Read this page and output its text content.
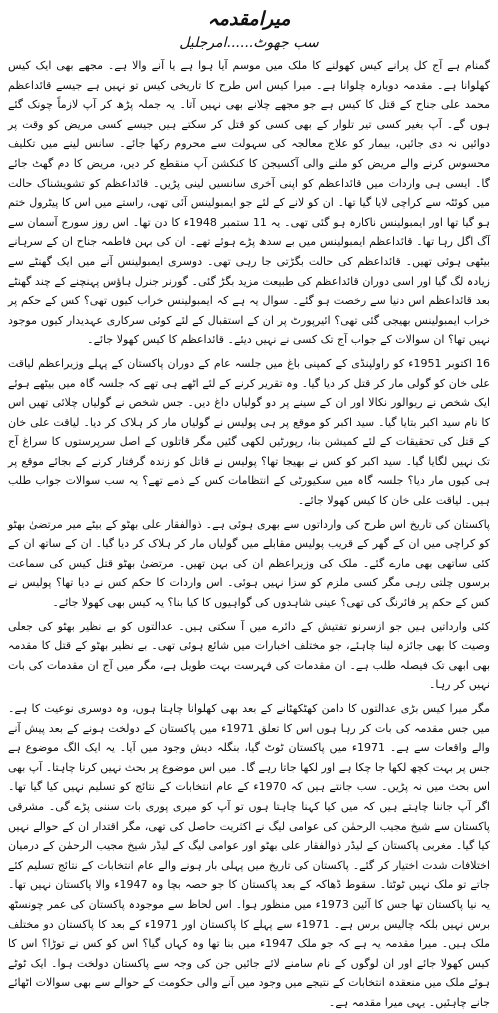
میرامقدمہ
سب جھوٹ......امرجلیل

گمنام ہے آج کل پرانے کیس کھولنے کا ملک میں موسم آیا ہوا ہے یا آنے والا ہے۔ مجھے بھی ایک کیس کھلوانا ہے۔ مقدمہ دوبارہ چلوانا ہے۔ میرا کیس اس طرح کا تاریخی کیس تو نہیں ہے جیسے قائداعظم محمد علی جناح کے قتل کا کیس ہے جو مجھے چلانے بھی نہیں آتا۔ یہ جملہ پڑھ کر آپ لازماً چونک گئے ہوں گے۔ آپ بغیر کسی تیر تلوار کے بھی کسی کو قتل کر سکتے ہیں جیسے کسی مریض کو وقت پر دوائیں نہ دی جائیں، بیمار کو علاج معالجہ کی سہولت سے محروم رکھا جائے۔ سانس لینے میں تکلیف محسوس کرنے والے مریض کو ملنے والی آکسیجن کا کنکشن آپ منقطع کر دیں، مریض کا دم گھٹ جائے گا۔ ایسی ہی واردات میں قائداعظم کو اپنی آخری سانسیں لینی پڑیں۔ قائداعظم کو تشویشناک حالت میں کوئٹہ سے کراچی لایا گیا تھا۔ ان کو لانے کے لئے جو ایمبولینس آئی تھی، راستے میں اس کا پیٹرول ختم ہو گیا تھا اور ایمبولینس ناکارہ ہو گئی تھی۔ یہ 11 ستمبر 1948ء کا دن تھا۔ اس روز سورج آسمان سے آگ اگل رہا تھا۔ قائداعظم ایمبولینس میں بے سدھ پڑے ہوئے تھے۔ ان کی بہن فاطمہ جناح ان کے سرہانے بیٹھی ہوئی تھیں۔ قائداعظم کی حالت بگڑتی جا رہی تھی۔ دوسری ایمبولینس آنے میں ایک گھنٹے سے زیادہ لگ گیا اور اسی دوران قائداعظم کی طبیعت مزید بگڑ گئی۔ گورنر جنرل ہاؤس پہنچنے کے چند گھنٹے بعد قائداعظم اس دنیا سے رخصت ہو گئے۔ سوال یہ ہے کہ ایمبولینس خراب کیوں تھی؟ کس کے حکم پر خراب ایمبولینس بھیجی گئی تھی؟ ائیرپورٹ پر ان کے استقبال کے لئے کوئی سرکاری عہدیدار کیوں موجود نہیں تھا؟ ان سوالات کے جواب آج تک کسی نے نہیں دیئے۔ قائداعظم کا کیس کھولا جائے۔

16 اکتوبر 1951ء کو راولپنڈی کے کمپنی باغ میں جلسہ عام کے دوران پاکستان کے پہلے وزیراعظم لیاقت علی خان کو گولی مار کر قتل کر دیا گیا۔ وہ تقریر کرنے کے لئے اٹھے ہی تھے کہ جلسہ گاہ میں بیٹھے ہوئے ایک شخص نے ریوالور نکالا اور ان کے سینے پر دو گولیاں داغ دیں۔ جس شخص نے گولیاں چلائی تھیں اس کا نام سید اکبر بتایا گیا۔ سید اکبر کو موقع پر ہی پولیس نے گولیاں مار کر ہلاک کر دیا۔ لیاقت علی خان کے قتل کی تحقیقات کے لئے کمیشن بنا، رپورٹیں لکھی گئیں مگر قاتلوں کے اصل سرپرستوں کا سراغ آج تک نہیں لگایا گیا۔ سید اکبر کو کس نے بھیجا تھا؟ پولیس نے قاتل کو زندہ گرفتار کرنے کے بجائے موقع پر ہی کیوں مار دیا؟ جلسہ گاہ میں سکیورٹی کے انتظامات کس کے ذمے تھے؟ یہ سب سوالات جواب طلب ہیں۔ لیاقت علی خان کا کیس کھولا جائے۔

پاکستان کی تاریخ اس طرح کی وارداتوں سے بھری ہوئی ہے۔ ذوالفقار علی بھٹو کے بیٹے میر مرتضیٰ بھٹو کو کراچی میں ان کے گھر کے قریب پولیس مقابلے میں گولیاں مار کر ہلاک کر دیا گیا۔ ان کے ساتھ ان کے کئی ساتھی بھی مارے گئے۔ ملک کی وزیراعظم ان کی بہن تھیں۔ مرتضیٰ بھٹو قتل کیس کی سماعت برسوں چلتی رہی مگر کسی ملزم کو سزا نہیں ہوئی۔ اس واردات کا حکم کس نے دیا تھا؟ پولیس نے کس کے حکم پر فائرنگ کی تھی؟ عینی شاہدوں کی گواہیوں کا کیا بنا؟ یہ کیس بھی کھولا جائے۔

کئی وارداتیں ہیں جو ازسرنو تفتیش کے دائرے میں آ سکتی ہیں۔ عدالتوں کو بے نظیر بھٹو کی جعلی وصیت کا بھی جائزہ لینا چاہئے، جو مختلف اخبارات میں شائع ہوئی تھی۔ بے نظیر بھٹو کے قتل کا مقدمہ بھی ابھی تک فیصلہ طلب ہے۔ ان مقدمات کی فہرست بہت طویل ہے، مگر میں آج ان مقدمات کی بات نہیں کر رہا۔

مگر میرا کیس بڑی عدالتوں کا دامن کھٹکھٹانے کے بعد بھی کھلوانا چاہتا ہوں، وہ دوسری نوعیت کا ہے۔ میں جس مقدمہ کی بات کر رہا ہوں اس کا تعلق 1971ء میں پاکستان کے دولخت ہونے کے بعد پیش آنے والے واقعات سے ہے۔ 1971ء میں پاکستان ٹوٹ گیا، بنگلہ دیش وجود میں آیا۔ یہ ایک الگ موضوع ہے جس پر بہت کچھ لکھا جا چکا ہے اور لکھا جاتا رہے گا۔ میں اس موضوع پر بحث نہیں کرنا چاہتا۔ آپ بھی اس بحث میں نہ پڑیں۔ سب جانتے ہیں کہ 1970ء کے عام انتخابات کے نتائج کو تسلیم نہیں کیا گیا تھا۔ اگر آپ جاننا چاہتے ہیں کہ میں کیا کہنا چاہتا ہوں تو آپ کو میری پوری بات سننی پڑے گی۔ مشرقی پاکستان سے شیخ مجیب الرحمٰن کی عوامی لیگ نے اکثریت حاصل کی تھی، مگر اقتدار ان کے حوالے نہیں کیا گیا۔ مغربی پاکستان کے لیڈر ذوالفقار علی بھٹو اور عوامی لیگ کے لیڈر شیخ مجیب الرحمٰن کے درمیان اختلافات شدت اختیار کر گئے۔ پاکستان کی تاریخ میں پہلی بار ہونے والے عام انتخابات کے نتائج تسلیم کئے جاتے تو ملک نہیں ٹوٹتا۔ سقوط ڈھاکہ کے بعد پاکستان کا جو حصہ بچا وہ 1947ء والا پاکستان نہیں تھا۔ یہ نیا پاکستان تھا جس کا آئین 1973ء میں منظور ہوا۔ اس لحاظ سے موجودہ پاکستان کی عمر چونسٹھ برس نہیں بلکہ چالیس برس ہے۔ 1971ء سے پہلے کا پاکستان اور 1971ء کے بعد کا پاکستان دو مختلف ملک ہیں۔ میرا مقدمہ یہ ہے کہ جو ملک 1947ء میں بنا تھا وہ کہاں گیا؟ اس کو کس نے توڑا؟ اس کا کیس کھولا جائے اور ان لوگوں کے نام سامنے لائے جائیں جن کی وجہ سے پاکستان دولخت ہوا۔ ایک ٹوٹے ہوئے ملک میں منعقدہ انتخابات کے نتیجے میں وجود میں آنے والی حکومت کے حوالے سے بھی سوالات اٹھائے جانے چاہئیں۔ یہی میرا مقدمہ ہے۔
